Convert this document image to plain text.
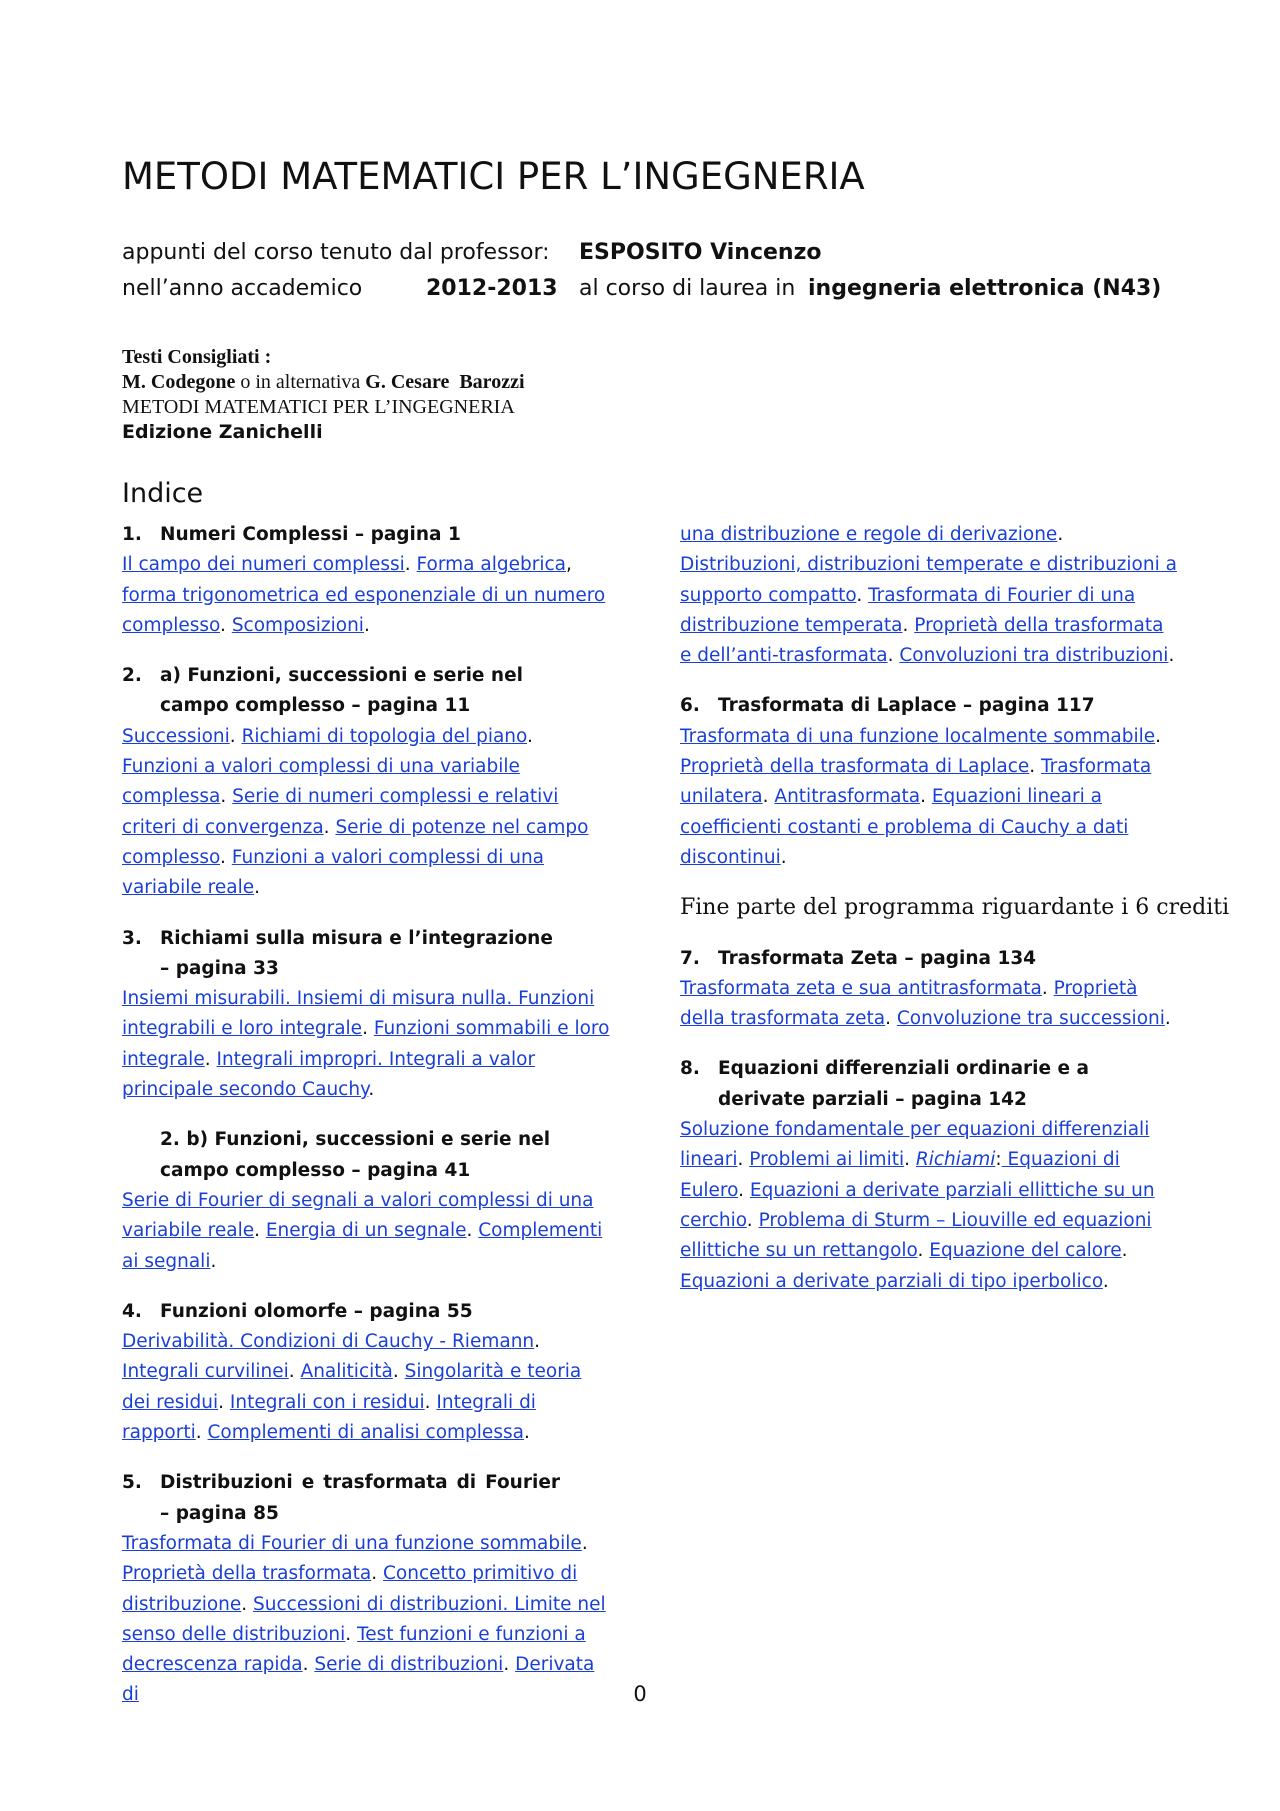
METODI MATEMATICI PER L’INGEGNERIA
appunti del corso tenuto dal professor: ESPOSITO Vincenzo
nell’anno accademico	2012-2013 al corso di laurea in ingegneria elettronica (N43)
Testi Consigliati :
M. Codegone o in alternativa G. Cesare  Barozzi
METODI MATEMATICI PER L’INGEGNERIA
Edizione Zanichelli
Indice
1. Numeri Complessi – pagina 1
Il campo dei numeri complessi. Forma algebrica, forma trigonometrica ed esponenziale di un numero complesso. Scomposizioni.
2. a) Funzioni, successioni e serie nel campo complesso – pagina 11
Successioni. Richiami di topologia del piano. Funzioni a valori complessi di una variabile complessa. Serie di numeri complessi e relativi criteri di convergenza. Serie di potenze nel campo complesso. Funzioni a valori complessi di una variabile reale.
3. Richiami sulla misura e l’integrazione – pagina 33
Insiemi misurabili. Insiemi di misura nulla. Funzioni integrabili e loro integrale. Funzioni sommabili e loro integrale. Integrali impropri. Integrali a valor principale secondo Cauchy.
2. b) Funzioni, successioni e serie nel campo complesso – pagina 41
Serie di Fourier di segnali a valori complessi di una variabile reale. Energia di un segnale. Complementi ai segnali.
4. Funzioni olomorfe – pagina 55
Derivabilità. Condizioni di Cauchy - Riemann. Integrali curvilinei. Analiticità. Singolarità e teoria dei residui. Integrali con i residui. Integrali di rapporti. Complementi di analisi complessa.
5. Distribuzioni e trasformata di Fourier – pagina 85
Trasformata di Fourier di una funzione sommabile. Proprietà della trasformata. Concetto primitivo di distribuzione. Successioni di distribuzioni. Limite nel senso delle distribuzioni. Test funzioni e funzioni a decrescenza rapida. Serie di distribuzioni. Derivata di
una distribuzione e regole di derivazione. Distribuzioni, distribuzioni temperate e distribuzioni a supporto compatto. Trasformata di Fourier di una distribuzione temperata. Proprietà della trasformata e dell’anti-trasformata. Convoluzioni tra distribuzioni.
6. Trasformata di Laplace – pagina 117
Trasformata di una funzione localmente sommabile. Proprietà della trasformata di Laplace. Trasformata unilatera. Antitrasformata. Equazioni lineari a coefficienti costanti e problema di Cauchy a dati discontinui.
Fine parte del programma riguardante i 6 crediti
7. Trasformata Zeta – pagina 134
Trasformata zeta e sua antitrasformata. Proprietà della trasformata zeta. Convoluzione tra successioni.
8. Equazioni differenziali ordinarie e a derivate parziali – pagina 142
Soluzione fondamentale per equazioni differenziali lineari. Problemi ai limiti. Richiami: Equazioni di Eulero. Equazioni a derivate parziali ellittiche su un cerchio. Problema di Sturm – Liouville ed equazioni ellittiche su un rettangolo. Equazione del calore. Equazioni a derivate parziali di tipo iperbolico.
0
